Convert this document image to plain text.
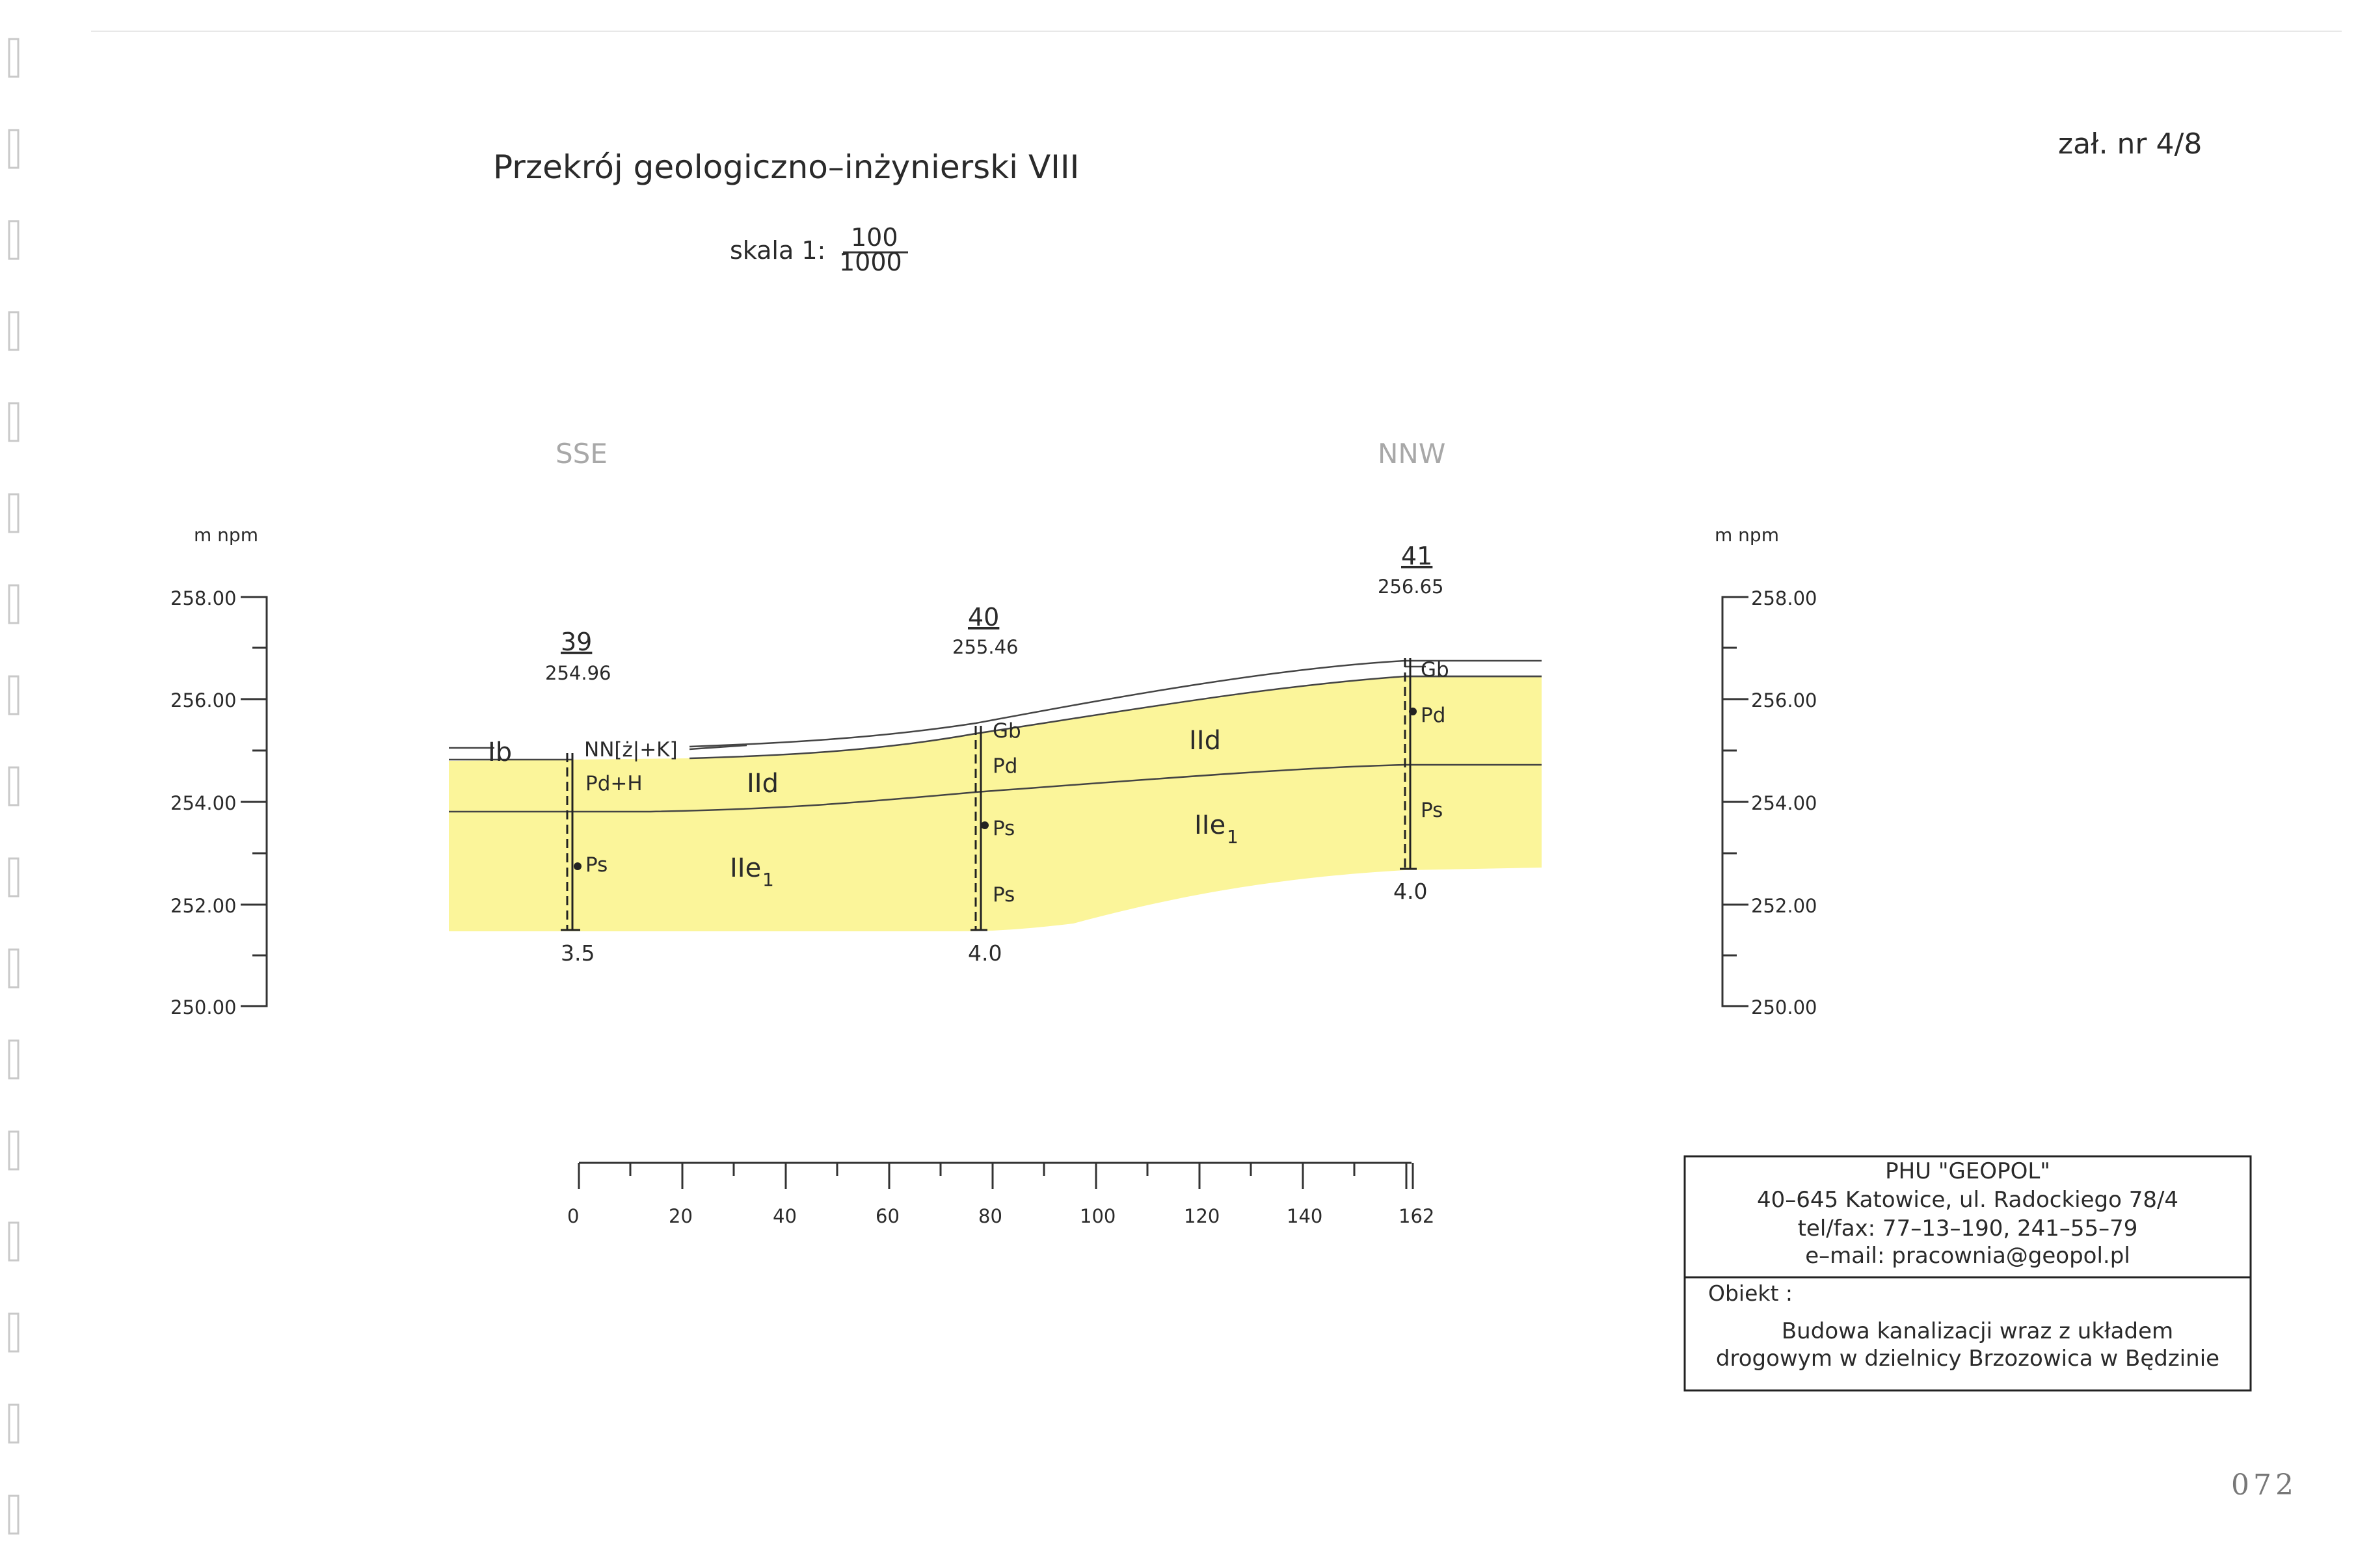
Przekrój geologiczno–inżynierski VIII
skala 1: 100
1000
zał. nr 4/8
SSE	NNW
m npm
258.00
256.00
254.00
252.00
250.00
m npm
258.00
256.00
254.00
252.00
250.00
39
254.96
3.5
40
255.46
4.0
41
256.65
4.0
Ib	NN[ż|+K]
Pd+H
Ps
IId
IIe 1
Gb
Pd
Ps
Ps
IId
IIe 1
Gb
Pd
Ps
0	20	40	60	80	100	120	140	162
PHU "GEOPOL"
40–645 Katowice, ul. Radockiego 78/4
tel/fax: 77–13–190, 241–55–79
e–mail: pracownia@geopol.pl
Obiekt :
Budowa kanalizacji wraz z układem
drogowym w dzielnicy Brzozowica w Będzinie
072
